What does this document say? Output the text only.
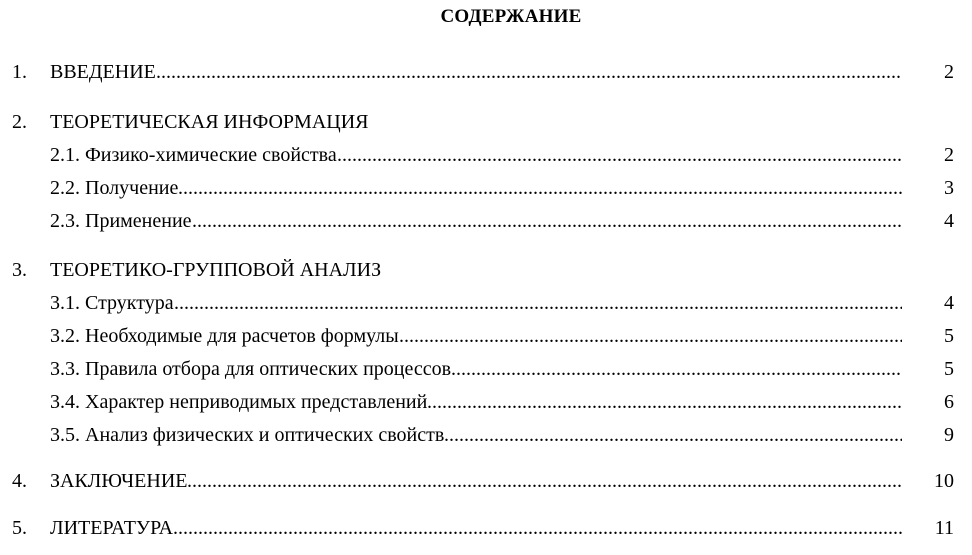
СОДЕРЖАНИЕ
1. ВВЕДЕНИЕ .....	2
2. ТЕОРЕТИЧЕСКАЯ ИНФОРМАЦИЯ
2.1. Физико-химические свойства .....	2
2.2. Получение .....	3
2.3. Применение .....	4
3. ТЕОРЕТИКО-ГРУППОВОЙ АНАЛИЗ
3.1. Структура .....	4
3.2. Необходимые для расчетов формулы .....	5
3.3. Правила отбора для оптических процессов .....	5
3.4. Характер неприводимых представлений .....	6
3.5. Анализ физических и оптических свойств .....	9
4. ЗАКЛЮЧЕНИЕ .....	10
5. ЛИТЕРАТУРА .....	11
